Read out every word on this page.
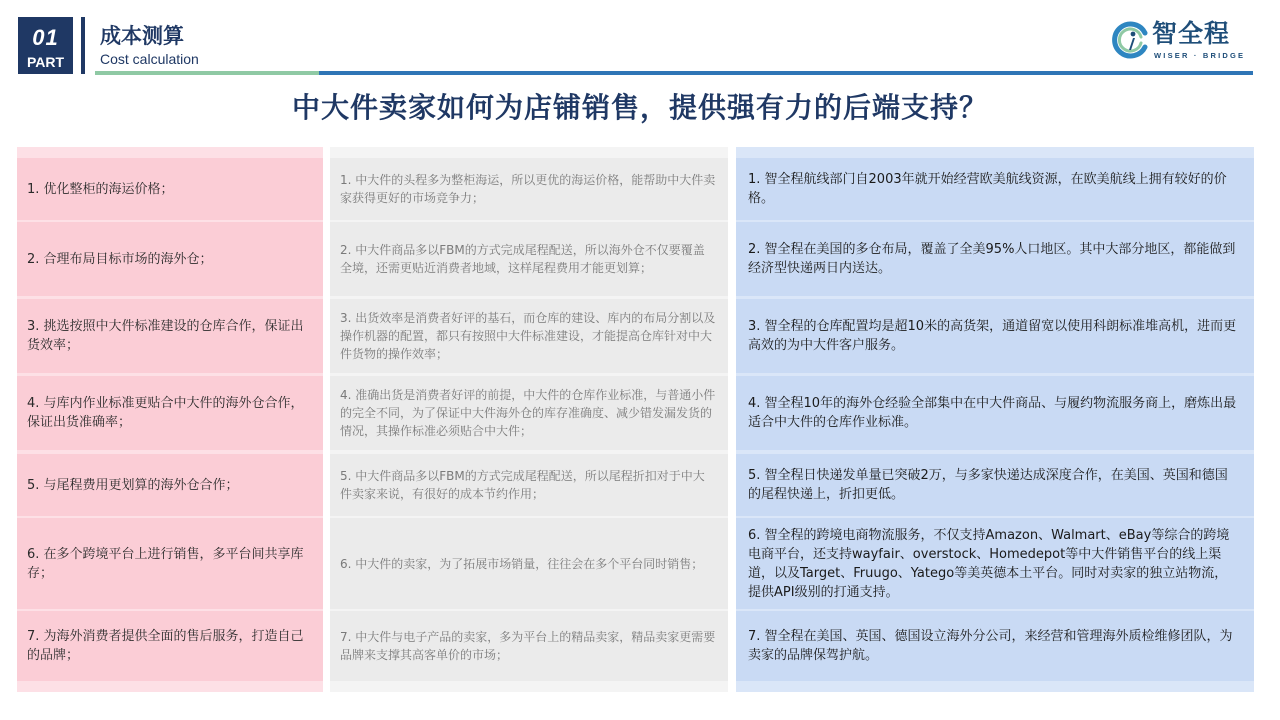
01
PART
成本测算
Cost calculation
智全程
WISER · BRIDGE
中大件卖家如何为店铺销售，提供强有力的后端支持？
1. 优化整柜的海运价格；
2. 合理布局目标市场的海外仓；
3. 挑选按照中大件标准建设的仓库合作，保证出货效率；
4. 与库内作业标准更贴合中大件的海外仓合作，保证出货准确率；
5. 与尾程费用更划算的海外仓合作；
6. 在多个跨境平台上进行销售，多平台间共享库存；
7. 为海外消费者提供全面的售后服务，打造自己的品牌；
1. 中大件的头程多为整柜海运，所以更优的海运价格，能帮助中大件卖家获得更好的市场竞争力；
2. 中大件商品多以FBM的方式完成尾程配送，所以海外仓不仅要覆盖全境，还需更贴近消费者地域，这样尾程费用才能更划算；
3. 出货效率是消费者好评的基石，而仓库的建设、库内的布局分割以及操作机器的配置，都只有按照中大件标准建设，才能提高仓库针对中大件货物的操作效率；
4. 准确出货是消费者好评的前提，中大件的仓库作业标准，与普通小件的完全不同，为了保证中大件海外仓的库存准确度、减少错发漏发货的情况，其操作标准必须贴合中大件；
5. 中大件商品多以FBM的方式完成尾程配送，所以尾程折扣对于中大件卖家来说，有很好的成本节约作用；
6. 中大件的卖家，为了拓展市场销量，往往会在多个平台同时销售；
7. 中大件与电子产品的卖家，多为平台上的精品卖家，精品卖家更需要品牌来支撑其高客单价的市场；
1. 智全程航线部门自2003年就开始经营欧美航线资源，在欧美航线上拥有较好的价格。
2. 智全程在美国的多仓布局，覆盖了全美95%人口地区。其中大部分地区，都能做到经济型快递两日内送达。
3. 智全程的仓库配置均是超10米的高货架，通道留宽以使用科朗标准堆高机，进而更高效的为中大件客户服务。
4. 智全程10年的海外仓经验全部集中在中大件商品、与履约物流服务商上，磨炼出最适合中大件的仓库作业标准。
5. 智全程日快递发单量已突破2万，与多家快递达成深度合作，在美国、英国和德国的尾程快递上，折扣更低。
6. 智全程的跨境电商物流服务，不仅支持Amazon、Walmart、eBay等综合的跨境电商平台，还支持wayfair、overstock、Homedepot等中大件销售平台的线上渠道，以及Target、Fruugo、Yatego等美英德本土平台。同时对卖家的独立站物流，提供API级别的打通支持。
7. 智全程在美国、英国、德国设立海外分公司，来经营和管理海外质检维修团队，为卖家的品牌保驾护航。
